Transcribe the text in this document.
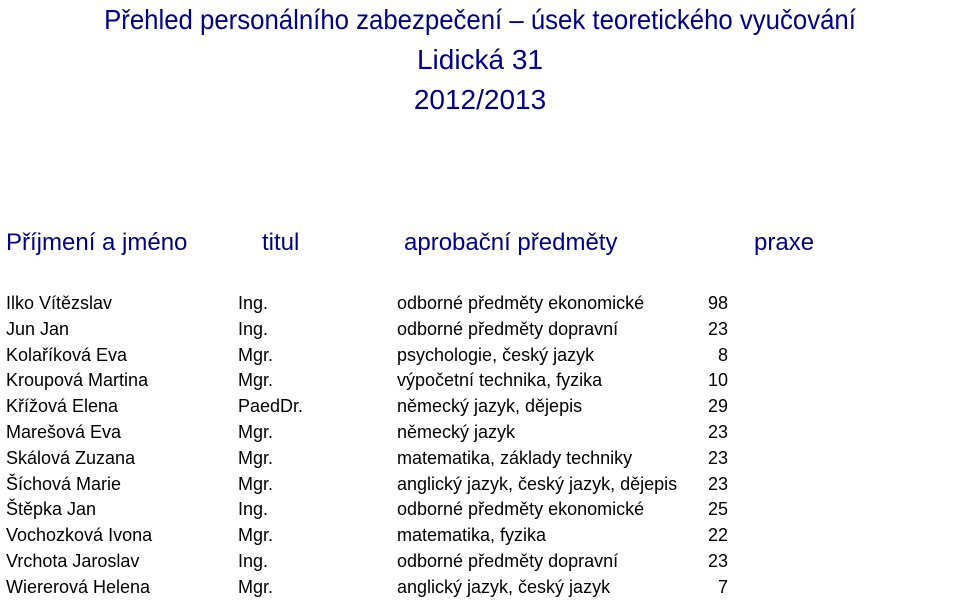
Přehled personálního zabezpečení – úsek teoretického vyučování
Lidická 31
2012/2013
Příjmení a jméno	titul	aprobační předměty	praxe
Ilko Vítězslav	Ing.	odborné předměty ekonomické	98
Jun Jan	Ing.	odborné předměty dopravní	23
Kolaříková Eva	Mgr.	psychologie, český jazyk	8
Kroupová Martina	Mgr.	výpočetní technika, fyzika	10
Křížová Elena	PaedDr.	německý jazyk, dějepis	29
Marešová Eva	Mgr.	německý jazyk	23
Skálová Zuzana	Mgr.	matematika, základy techniky	23
Šíchová Marie	Mgr.	anglický jazyk, český jazyk, dějepis 23
Štěpka Jan	Ing.	odborné předměty ekonomické	25
Vochozková Ivona	Mgr.	matematika, fyzika	22
Vrchota Jaroslav	Ing.	odborné předměty dopravní	23
Wiererová Helena	Mgr.	anglický jazyk, český jazyk	7
